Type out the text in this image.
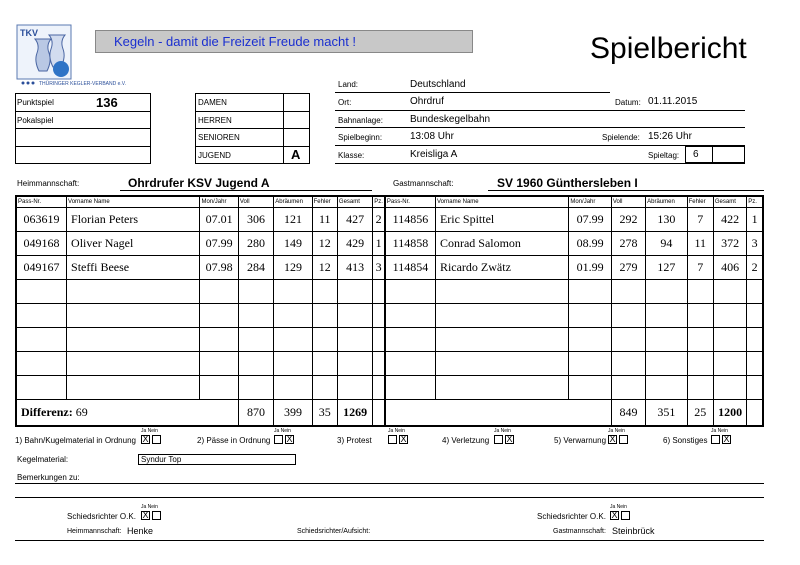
TKV
THÜRINGER KEGLER-VERBAND e.V.
Kegeln - damit die Freizeit Freude macht !	Spielbericht
Land:	Deutschland
Ort:	Ohrdruf	Datum: 01.11.2015
Bahnanlage:	Bundeskegelbahn
Spielbeginn:	13:08 Uhr	Spielende: 15:26 Uhr
Klasse:	Kreisliga A	Spieltag: 6
Punktspiel	136
Pokalspiel
DAMEN
HERREN
SENIOREN
JUGEND	A
Heimmannschaft:	Ohrdrufer KSV Jugend A	Gastmannschaft:	SV 1960 Günthersleben I
Pass-Nr.	Vorname Name	Mon/Jahr	Voll	Abräumen	Fehler	Gesamt	Pz.	Pass-Nr.	Vorname Name	Mon/Jahr	Voll	Abräumen	Fehler	Gesamt	Pz.
063619	Florian Peters	07.01	306	121	11	427	2	114856	Eric Spittel	07.99	292	130	7	422	1
049168	Oliver Nagel	07.99	280	149	12	429	1	114858	Conrad Salomon	08.99	278	94	11	372	3
049167	Steffi Beese	07.98	284	129	12	413	3	114854	Ricardo Zwätz	01.99	279	127	7	406	2

Differenz: 69			870	399	35	1269					849	351	25	1200	
1) Bahn/Kugelmaterial in Ordnung
Ja Nein
X	2) Pässe in Ordnung
Ja Nein
X	3) Protest
Ja Nein
X	4) Verletzung
Ja Nein
X	5) Verwarnung
Ja Nein
X	6) Sonstiges
Ja Nein
X
Kegelmaterial:	Syndur Top
Bemerkungen zu:
Schiedsrichter O.K.
Ja Nein
X	Schiedsrichter O.K.
Ja Nein
X
Heimmannschaft: Henke	Schiedsrichter/Aufsicht:	Gastmannschaft: Steinbrück
